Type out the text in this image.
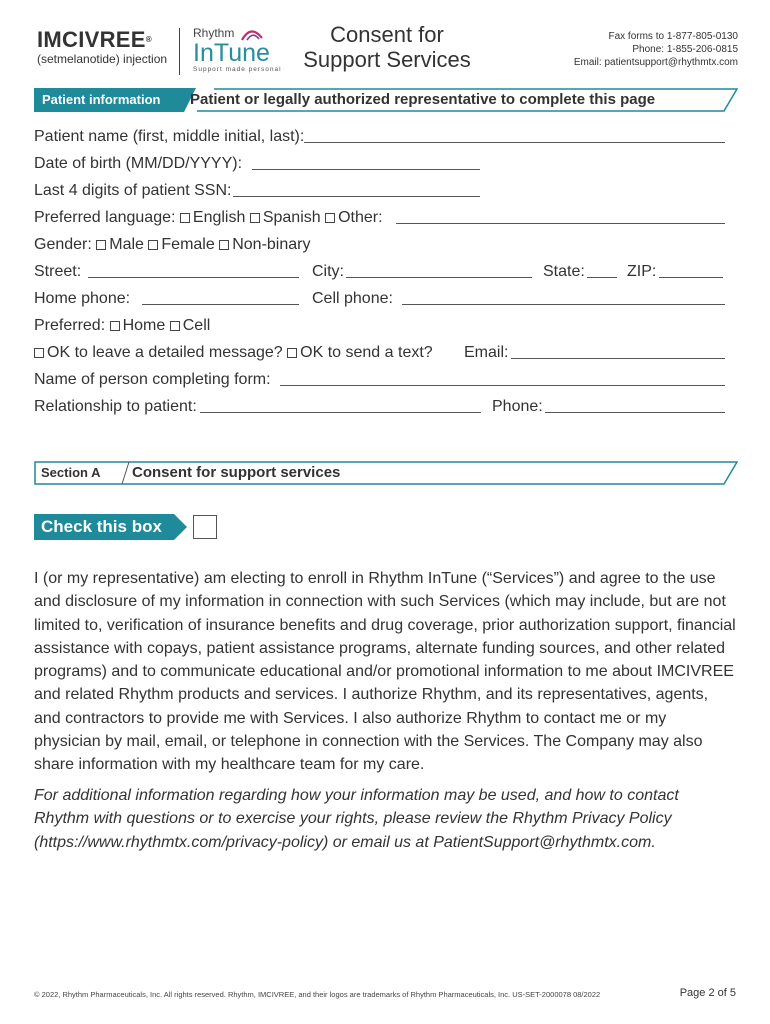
IMCIVREE®
(setmelanotide) injection
Rhythm
InTune
Support made personal
Consent for
Support Services
Fax forms to 1-877-805-0130
Phone: 1-855-206-0815
Email: patientsupport@rhythmtx.com
Patient information Patient or legally authorized representative to complete this page
Patient name (first, middle initial, last):
Date of birth (MM/DD/YYYY):
Last 4 digits of patient SSN:
Preferred language: English Spanish Other:
Gender: Male Female Non-binary
Street:	City:	State:	ZIP:
Home phone:	Cell phone:
Preferred: Home Cell
OK to leave a detailed message? OK to send a text? Email:
Name of person completing form:
Relationship to patient:	Phone:
Section A Consent for support services
Check this box
I (or my representative) am electing to enroll in Rhythm InTune (“Services”) and agree to the use and disclosure of my information in connection with such Services (which may include, but are not limited to, verification of insurance benefits and drug coverage, prior authorization support, financial assistance with copays, patient assistance programs, alternate funding sources, and other related programs) and to communicate educational and/or promotional information to me about IMCIVREE and related Rhythm products and services. I authorize Rhythm, and its representatives, agents, and contractors to provide me with Services. I also authorize Rhythm to contact me or my physician by mail, email, or telephone in connection with the Services. The Company may also share information with my healthcare team for my care.
For additional information regarding how your information may be used, and how to contact Rhythm with questions or to exercise your rights, please review the Rhythm Privacy Policy (https://www.rhythmtx.com/privacy-policy) or email us at PatientSupport@rhythmtx.com.
© 2022, Rhythm Pharmaceuticals, Inc. All rights reserved. Rhythm, IMCIVREE, and their logos are trademarks of Rhythm Pharmaceuticals, Inc. US-SET-2000078 08/2022	Page 2 of 5
